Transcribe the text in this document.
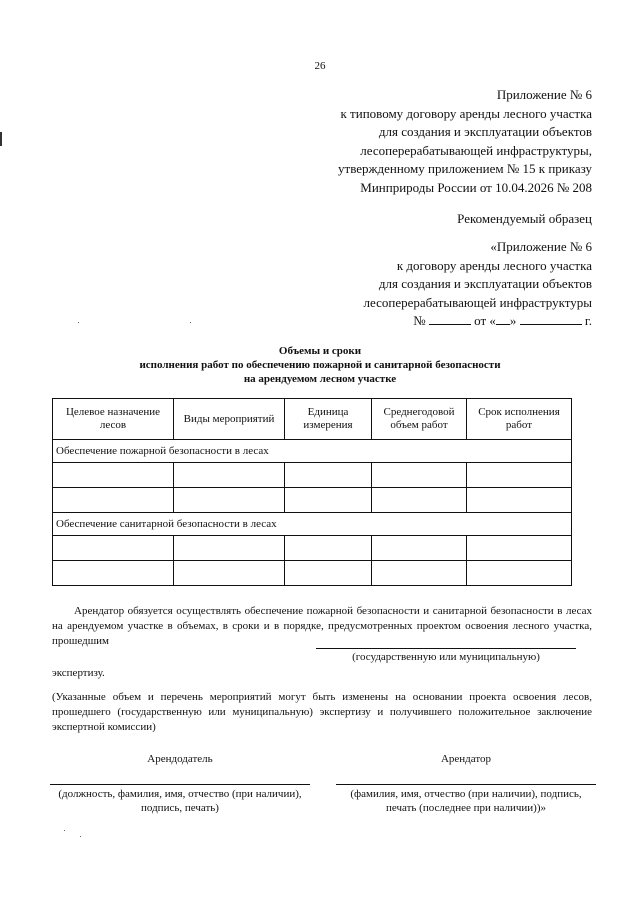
26
Приложение № 6
к типовому договору аренды лесного участка
для создания и эксплуатации объектов
лесоперерабатывающей инфраструктуры,
утвержденному приложением № 15 к приказу
Минприроды России от 10.04.2026 № 208
Рекомендуемый образец
«Приложение № 6
к договору аренды лесного участка
для создания и эксплуатации объектов
лесоперерабатывающей инфраструктуры
№	от « »	г.
Объемы и сроки
исполнения работ по обеспечению пожарной и санитарной безопасности
на арендуемом лесном участке
Целевое назначение лесов	Виды мероприятий	Единица измерения	Среднегодовой объем работ	Срок исполнения работ
Обеспечение пожарной безопасности в лесах				

Обеспечение санитарной безопасности в лесах				

Арендатор обязуется осуществлять обеспечение пожарной безопасности и санитарной безопасности в лесах на арендуемом участке в объемах, в сроки и в порядке, предусмотренных проектом освоения лесного участка, прошедшим
(государственную или муниципальную)
экспертизу.
(Указанные объем и перечень мероприятий могут быть изменены на основании проекта освоения лесов, прошедшего (государственную или муниципальную) экспертизу и получившего положительное заключение экспертной комиссии)
Арендодатель
(должность, фамилия, имя, отчество (при наличии), подпись, печать)
Арендатор
(фамилия, имя, отчество (при наличии), подпись, печать (последнее при наличии))»
